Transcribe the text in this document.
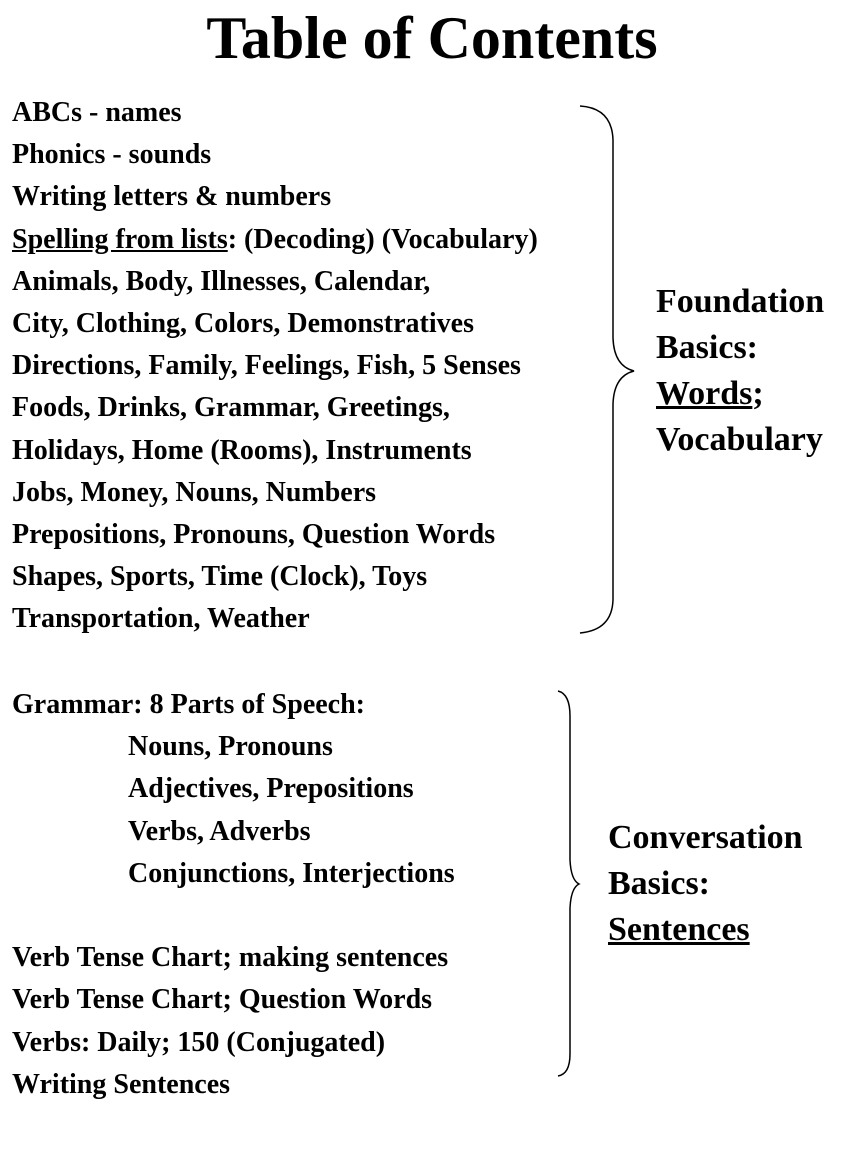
Table of Contents
ABCs - names
Phonics - sounds
Writing letters & numbers
Spelling from lists: (Decoding) (Vocabulary)
Animals, Body, Illnesses, Calendar,
City, Clothing, Colors, Demonstratives
Directions, Family, Feelings, Fish, 5 Senses
Foods, Drinks, Grammar, Greetings,
Holidays, Home (Rooms), Instruments
Jobs, Money, Nouns, Numbers
Prepositions, Pronouns, Question Words
Shapes, Sports, Time (Clock), Toys
Transportation, Weather
Grammar: 8 Parts of Speech:
Nouns, Pronouns
Adjectives, Prepositions
Verbs, Adverbs
Conjunctions, Interjections
Verb Tense Chart; making sentences
Verb Tense Chart; Question Words
Verbs: Daily; 150 (Conjugated)
Writing Sentences
Foundation
Basics:
Words;
Vocabulary
Conversation
Basics:
Sentences
